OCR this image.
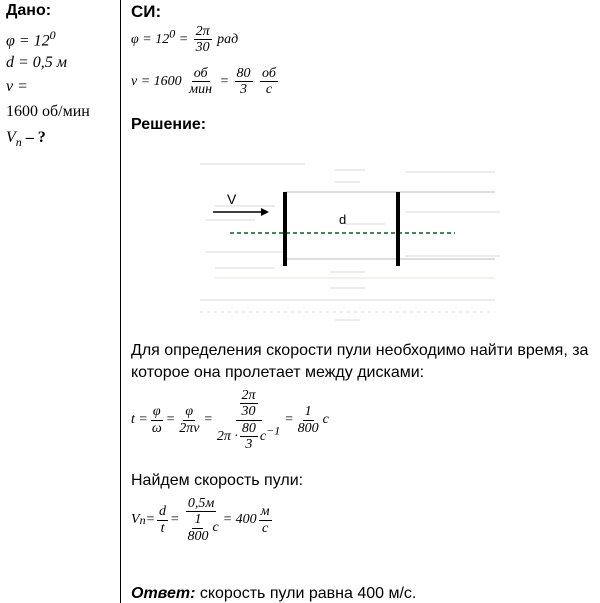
Дано:
$\varphi = 12^0$
d = 0,5 м
ν =
1600 об/мин
$V_п$ – ?
СИ:
$\varphi = 12^0 = \frac{2\pi}{30}$ рад
$\nu = 1600 \frac{об}{\text{мин}} = \frac{80}{3}$
$\frac{об}{с}$
Решение:
V
d
Для определения скорости пули необходимо найти время, за
которое она пролетает между дисками:
$t = \frac{\varphi}{\omega} = \frac{\varphi}{2\pi\nu} = \frac{\frac{2\pi}{30}}{2\pi \cdot \frac{80}{3} с^{-1}} = \frac{1}{800}$ с
Найдем скорость пули:
V $п = \frac{d}{t} = \frac{0,5м}{\frac{1}{800} с} = 400 \frac{м}{с}$
Ответ: скорость пули равна 400 м/с.
